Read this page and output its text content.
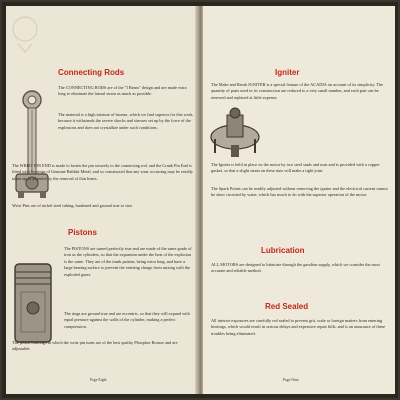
Connecting Rods

The CONNECTING RODS are of the "I Beam" design and are made extra long to eliminate the lateral strain as much as possible.

The material is a high mixture of bronze, which we find superior for this work, because it withstands the severe shocks and stresses set up by the force of the explosions and does not crystallize under such conditions.

The WRIST PIN END is made to fasten the pin securely to the connecting rod, and the Crank Pin End is fitted with bearings of Genuine Babbitt Metal, and so constructed that any wear occurring may be readily taken up or adjusted by the removal of thin liners.

Wrist Pins are of nickel steel tubing, hardened and ground true to size.

Pistons

The PISTONS are turned perfectly true and are made of the same grade of iron as the cylinders, so that the expansion under the heat of the explosion is the same. They are of the trunk pattern, being extra long, and have a large bearing surface to prevent the entering charge from mixing with the exploded gases.

The rings are ground true and are eccentric, so that they will expand with equal pressure against the walls of the cylinder, making a perfect compression.

The piston bushings in which the wrist pin turns are of the best quality Phosphor Bronze and are adjustable.

Page Eight
Igniter

The Make and Break IGNITER is a special feature of the ACADIA on account of its simplicity. The quantity of parts used in its construction are reduced to a very small number, and each part can be renewed and replaced at little expense.

The Igniter is held in place on the motor by two steel studs and nuts and is provided with a copper gasket, so that a slight strain on these nuts will make a tight joint.

The Spark Points can be readily adjusted without removing the igniter and the electrical current cannot be short circuited by water, which has much to do with the superior operation of the motor.

Lubrication

ALL MOTORS are designed to lubricate through the gasoline supply, which we consider the most accurate and reliable method.

Red Sealed

All interior exposures are carefully red sealed to prevent grit, scale or foreign matters from entering bearings, which would result in serious delays and expensive repair bills, and is an assurance of these troubles being eliminated.

Page Nine
